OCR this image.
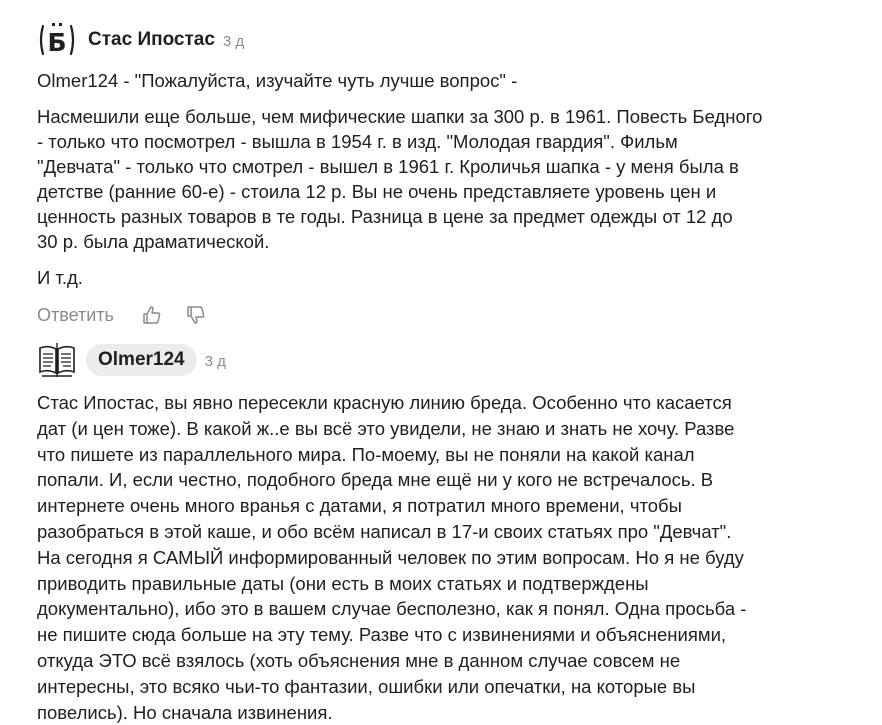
Б Стас Ипостас 3 д

Olmer124 - "Пожалуйста, изучайте чуть лучше вопрос" -

Насмешили еще больше, чем мифические шапки за 300 р. в 1961. Повесть Бедного
- только что посмотрел - вышла в 1954 г. в изд. "Молодая гвардия". Фильм
"Девчата" - только что смотрел - вышел в 1961 г. Кроличья шапка - у меня была в
детстве (ранние 60-е) - стоила 12 р. Вы не очень представляете уровень цен и
ценность разных товаров в те годы. Разница в цене за предмет одежды от 12 до
30 р. была драматической.

И т.д.

Ответить
Olmer124	3 д

Стас Ипостас, вы явно пересекли красную линию бреда. Особенно что касается
дат (и цен тоже). В какой ж..е вы всё это увидели, не знаю и знать не хочу. Разве
что пишете из параллельного мира. По-моему, вы не поняли на какой канал
попали. И, если честно, подобного бреда мне ещё ни у кого не встречалось. В
интернете очень много вранья с датами, я потратил много времени, чтобы
разобраться в этой каше, и обо всём написал в 17-и своих статьях про "Девчат".
На сегодня я САМЫЙ информированный человек по этим вопросам. Но я не буду
приводить правильные даты (они есть в моих статьях и подтверждены
документально), ибо это в вашем случае бесполезно, как я понял. Одна просьба -
не пишите сюда больше на эту тему. Разве что с извинениями и объяснениями,
откуда ЭТО всё взялось (хоть объяснения мне в данном случае совсем не
интересны, это всяко чьи-то фантазии, ошибки или опечатки, на которые вы
повелись). Но сначала извинения.
